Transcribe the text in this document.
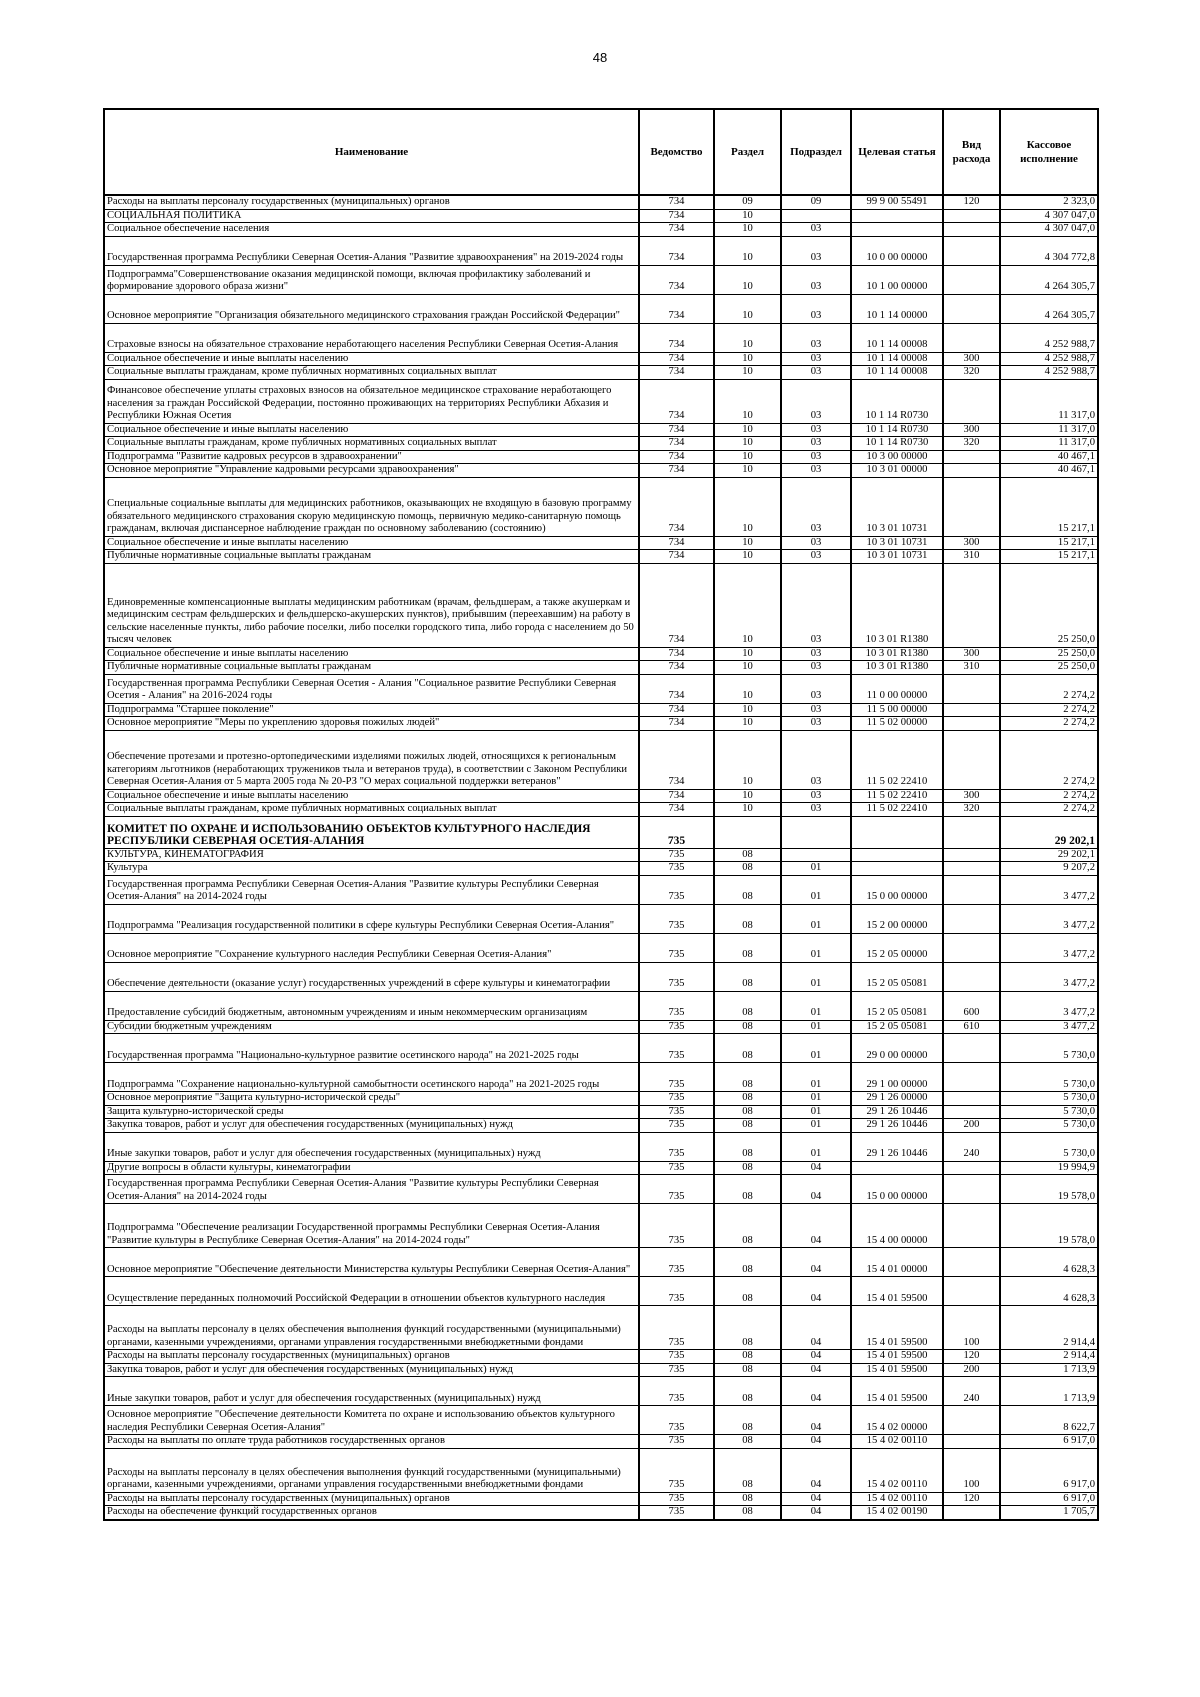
48
Наименование	Ведомство	Раздел	Подраздел	Целевая статья	Вид расхода	Кассовое исполнение
Расходы на выплаты персоналу государственных (муниципальных) органов	734	09	09	99 9 00 55491	120	2 323,0
СОЦИАЛЬНАЯ ПОЛИТИКА	734	10				4 307 047,0
Социальное обеспечение населения	734	10	03			4 307 047,0
Государственная программа Республики Северная Осетия-Алания "Развитие здравоохранения" на 2019-2024 годы	734	10	03	10 0 00 00000		4 304 772,8
Подпрограмма"Совершенствование оказания медицинской помощи, включая профилактику заболеваний и формирование здорового образа жизни"	734	10	03	10 1 00 00000		4 264 305,7
Основное мероприятие "Организация обязательного медицинского страхования граждан Российской Федерации"	734	10	03	10 1 14 00000		4 264 305,7
Страховые взносы на обязательное страхование неработающего населения Республики Северная Осетия-Алания	734	10	03	10 1 14 00008		4 252 988,7
Социальное обеспечение и иные выплаты населению	734	10	03	10 1 14 00008	300	4 252 988,7
Социальные выплаты гражданам, кроме публичных нормативных социальных выплат	734	10	03	10 1 14 00008	320	4 252 988,7
Финансовое обеспечение уплаты страховых взносов на обязательное медицинское страхование неработающего населения за граждан Российской Федерации, постоянно проживающих на территориях Республики Абхазия и Республики Южная Осетия	734	10	03	10 1 14 R0730		11 317,0
Социальное обеспечение и иные выплаты населению	734	10	03	10 1 14 R0730	300	11 317,0
Социальные выплаты гражданам, кроме публичных нормативных социальных выплат	734	10	03	10 1 14 R0730	320	11 317,0
Подпрограмма "Развитие кадровых ресурсов в здравоохранении"	734	10	03	10 3 00 00000		40 467,1
Основное мероприятие "Управление кадровыми ресурсами здравоохранения"	734	10	03	10 3 01 00000		40 467,1
Специальные социальные выплаты для медицинских работников, оказывающих не входящую в базовую программу обязательного медицинского страхования скорую медицинскую помощь, первичную медико-санитарную помощь гражданам, включая диспансерное наблюдение граждан по основному заболеванию (состоянию)	734	10	03	10 3 01 10731		15 217,1
Социальное обеспечение и иные выплаты населению	734	10	03	10 3 01 10731	300	15 217,1
Публичные нормативные социальные выплаты гражданам	734	10	03	10 3 01 10731	310	15 217,1
Единовременные компенсационные выплаты медицинским работникам (врачам, фельдшерам, а также акушеркам и медицинским сестрам фельдшерских и фельдшерско-акушерских пунктов), прибывшим (переехавшим) на работу в сельские населенные пункты, либо рабочие поселки, либо поселки городского типа, либо города с населением до 50 тысяч человек	734	10	03	10 3 01 R1380		25 250,0
Социальное обеспечение и иные выплаты населению	734	10	03	10 3 01 R1380	300	25 250,0
Публичные нормативные социальные выплаты гражданам	734	10	03	10 3 01 R1380	310	25 250,0
Государственная программа Республики Северная Осетия - Алания "Социальное развитие Республики Северная Осетия - Алания" на 2016-2024 годы	734	10	03	11 0 00 00000		2 274,2
Подпрограмма "Старшее поколение"	734	10	03	11 5 00 00000		2 274,2
Основное мероприятие "Меры по укреплению здоровья пожилых людей"	734	10	03	11 5 02 00000		2 274,2
Обеспечение протезами и протезно-ортопедическими изделиями пожилых людей, относящихся к региональным категориям льготников (неработающих тружеников тыла и ветеранов труда), в соответствии с Законом Республики Северная Осетия-Алания от 5 марта 2005 года № 20-РЗ "О мерах социальной поддержки ветеранов"	734	10	03	11 5 02 22410		2 274,2
Социальное обеспечение и иные выплаты населению	734	10	03	11 5 02 22410	300	2 274,2
Социальные выплаты гражданам, кроме публичных нормативных социальных выплат	734	10	03	11 5 02 22410	320	2 274,2
КОМИТЕТ ПО ОХРАНЕ И ИСПОЛЬЗОВАНИЮ ОБЪЕКТОВ КУЛЬТУРНОГО НАСЛЕДИЯ РЕСПУБЛИКИ СЕВЕРНАЯ ОСЕТИЯ-АЛАНИЯ	735					29 202,1
КУЛЬТУРА, КИНЕМАТОГРАФИЯ	735	08				29 202,1
Культура	735	08	01			9 207,2
Государственная программа Республики Северная Осетия-Алания "Развитие культуры Республики Северная Осетия-Алания" на 2014-2024 годы	735	08	01	15 0 00 00000		3 477,2
Подпрограмма "Реализация государственной политики в сфере культуры Республики Северная Осетия-Алания"	735	08	01	15 2 00 00000		3 477,2
Основное мероприятие "Сохранение культурного наследия Республики Северная Осетия-Алания"	735	08	01	15 2 05 00000		3 477,2
Обеспечение деятельности (оказание услуг) государственных учреждений в сфере культуры и кинематографии	735	08	01	15 2 05 05081		3 477,2
Предоставление субсидий бюджетным, автономным учреждениям и иным некоммерческим организациям	735	08	01	15 2 05 05081	600	3 477,2
Субсидии бюджетным учреждениям	735	08	01	15 2 05 05081	610	3 477,2
Государственная программа "Национально-культурное развитие осетинского народа" на 2021-2025 годы	735	08	01	29 0 00 00000		5 730,0
Подпрограмма "Сохранение национально-культурной самобытности осетинского народа" на 2021-2025 годы	735	08	01	29 1 00 00000		5 730,0
Основное мероприятие "Защита культурно-исторической среды"	735	08	01	29 1 26 00000		5 730,0
Защита культурно-исторической среды	735	08	01	29 1 26 10446		5 730,0
Закупка товаров, работ и услуг для обеспечения государственных (муниципальных) нужд	735	08	01	29 1 26 10446	200	5 730,0
Иные закупки товаров, работ и услуг для обеспечения государственных (муниципальных) нужд	735	08	01	29 1 26 10446	240	5 730,0
Другие вопросы в области культуры, кинематографии	735	08	04			19 994,9
Государственная программа Республики Северная Осетия-Алания "Развитие культуры Республики Северная Осетия-Алания" на 2014-2024 годы	735	08	04	15 0 00 00000		19 578,0
Подпрограмма "Обеспечение реализации Государственной программы Республики Северная Осетия-Алания "Развитие культуры в Республике Северная Осетия-Алания" на 2014-2024 годы"	735	08	04	15 4 00 00000		19 578,0
Основное мероприятие "Обеспечение деятельности Министерства культуры Республики Северная Осетия-Алания"	735	08	04	15 4 01 00000		4 628,3
Осуществление переданных полномочий Российской Федерации в отношении объектов культурного наследия	735	08	04	15 4 01 59500		4 628,3
Расходы на выплаты персоналу в целях обеспечения выполнения функций государственными (муниципальными) органами, казенными учреждениями, органами управления государственными внебюджетными фондами	735	08	04	15 4 01 59500	100	2 914,4
Расходы на выплаты персоналу государственных (муниципальных) органов	735	08	04	15 4 01 59500	120	2 914,4
Закупка товаров, работ и услуг для обеспечения государственных (муниципальных) нужд	735	08	04	15 4 01 59500	200	1 713,9
Иные закупки товаров, работ и услуг для обеспечения государственных (муниципальных) нужд	735	08	04	15 4 01 59500	240	1 713,9
Основное мероприятие "Обеспечение деятельности Комитета по охране и использованию объектов культурного наследия Республики Северная Осетия-Алания"	735	08	04	15 4 02 00000		8 622,7
Расходы на выплаты по оплате труда работников государственных органов	735	08	04	15 4 02 00110		6 917,0
Расходы на выплаты персоналу в целях обеспечения выполнения функций государственными (муниципальными) органами, казенными учреждениями, органами управления государственными внебюджетными фондами	735	08	04	15 4 02 00110	100	6 917,0
Расходы на выплаты персоналу государственных (муниципальных) органов	735	08	04	15 4 02 00110	120	6 917,0
Расходы на обеспечение функций государственных органов	735	08	04	15 4 02 00190		1 705,7
